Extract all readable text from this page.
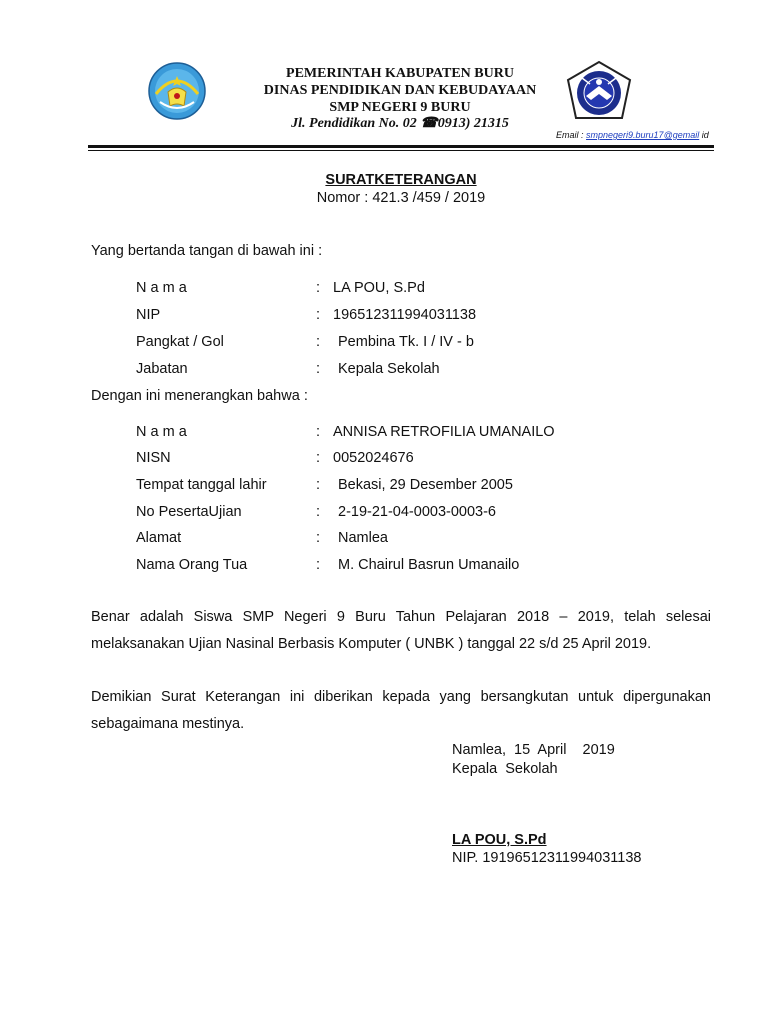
PEMERINTAH KABUPATEN BURU
DINAS PENDIDIKAN DAN KEBUDAYAAN
SMP NEGERI 9 BURU
Jl. Pendidikan No. 02 ☎0913) 21315
Email : smpnegeri9.buru17@gemail id
SURATKETERANGAN
Nomor : 421.3 /459 / 2019
Yang bertanda tangan di bawah ini :
N a m a	: LA POU, S.Pd
NIP	: 196512311994031138
Pangkat / Gol	: Pembina Tk. I / IV - b
Jabatan	: Kepala Sekolah
Dengan ini menerangkan bahwa :
N a m a	: ANNISA RETROFILIA UMANAILO
NISN	: 0052024676
Tempat tanggal lahir	: Bekasi, 29 Desember 2005
No PesertaUjian	: 2-19-21-04-0003-0003-6
Alamat	: Namlea
Nama Orang Tua	: M. Chairul Basrun Umanailo
Benar adalah Siswa SMP Negeri 9 Buru Tahun Pelajaran 2018 – 2019, telah selesai
melaksanakan Ujian Nasinal Berbasis Komputer ( UNBK ) tanggal 22 s/d 25 April 2019.
Demikian Surat Keterangan ini diberikan kepada yang bersangkutan untuk dipergunakan
sebagaimana mestinya.
Namlea,  15  April    2019
Kepala  Sekolah
LA POU, S.Pd
NIP. 1919651231199403113​8
